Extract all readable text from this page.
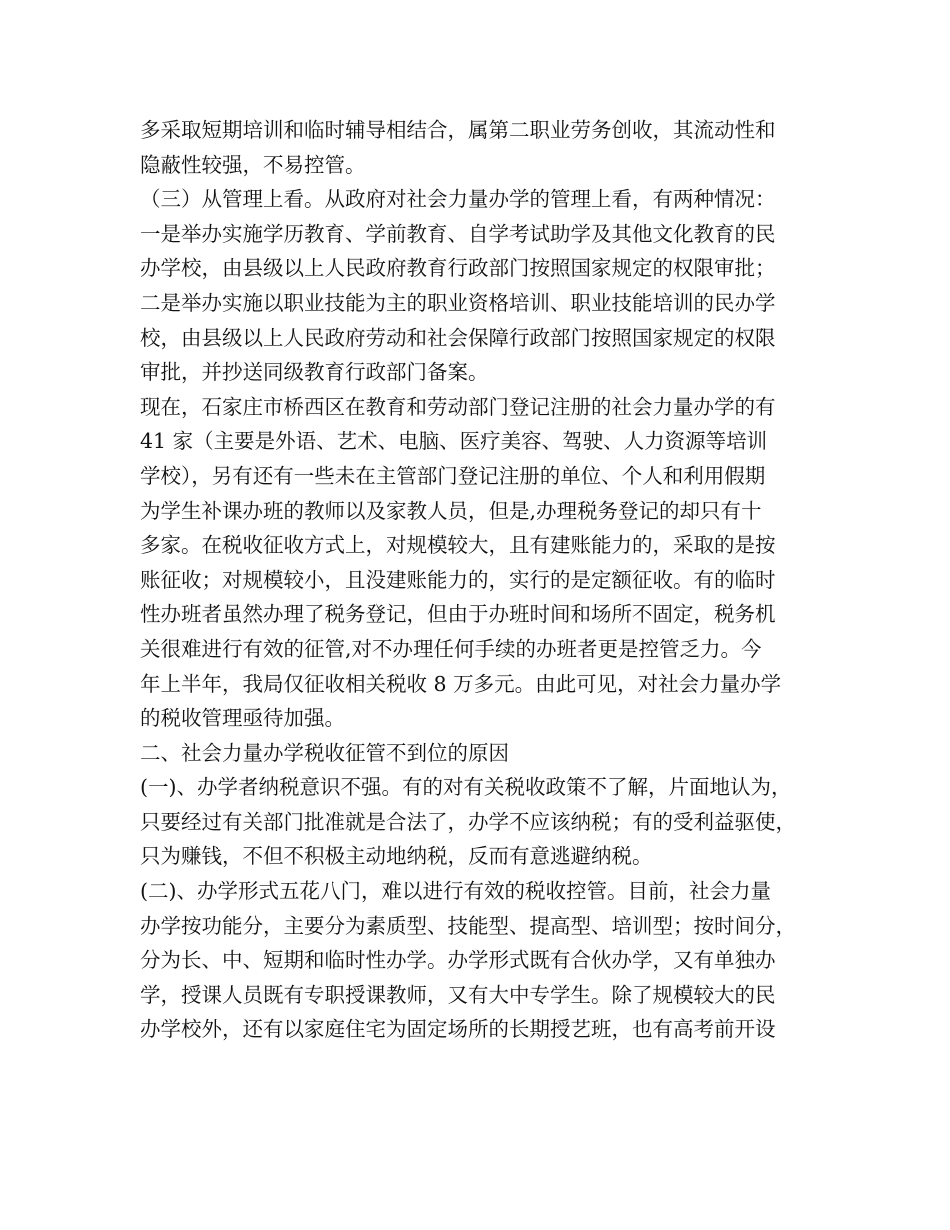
多采取短期培训和临时辅导相结合，属第二职业劳务创收，其流动性和
隐蔽性较强，不易控管。
（三）从管理上看。从政府对社会力量办学的管理上看，有两种情况：
一是举办实施学历教育、学前教育、自学考试助学及其他文化教育的民
办学校，由县级以上人民政府教育行政部门按照国家规定的权限审批；
二是举办实施以职业技能为主的职业资格培训、职业技能培训的民办学
校，由县级以上人民政府劳动和社会保障行政部门按照国家规定的权限
审批，并抄送同级教育行政部门备案。
现在，石家庄市桥西区在教育和劳动部门登记注册的社会力量办学的有
41 家（主要是外语、艺术、电脑、医疗美容、驾驶、人力资源等培训
学校），另有还有一些未在主管部门登记注册的单位、个人和利用假期
为学生补课办班的教师以及家教人员，但是,办理税务登记的却只有十
多家。在税收征收方式上，对规模较大，且有建账能力的，采取的是按
账征收；对规模较小，且没建账能力的，实行的是定额征收。有的临时
性办班者虽然办理了税务登记，但由于办班时间和场所不固定，税务机
关很难进行有效的征管,对不办理任何手续的办班者更是控管乏力。今
年上半年，我局仅征收相关税收 8 万多元。由此可见，对社会力量办学
的税收管理亟待加强。
二、社会力量办学税收征管不到位的原因
(一)、办学者纳税意识不强。有的对有关税收政策不了解，片面地认为，
只要经过有关部门批准就是合法了，办学不应该纳税；有的受利益驱使，
只为赚钱，不但不积极主动地纳税，反而有意逃避纳税。
(二)、办学形式五花八门，难以进行有效的税收控管。目前，社会力量
办学按功能分，主要分为素质型、技能型、提高型、培训型；按时间分，
分为长、中、短期和临时性办学。办学形式既有合伙办学，又有单独办
学，授课人员既有专职授课教师，又有大中专学生。除了规模较大的民
办学校外，还有以家庭住宅为固定场所的长期授艺班，也有高考前开设
